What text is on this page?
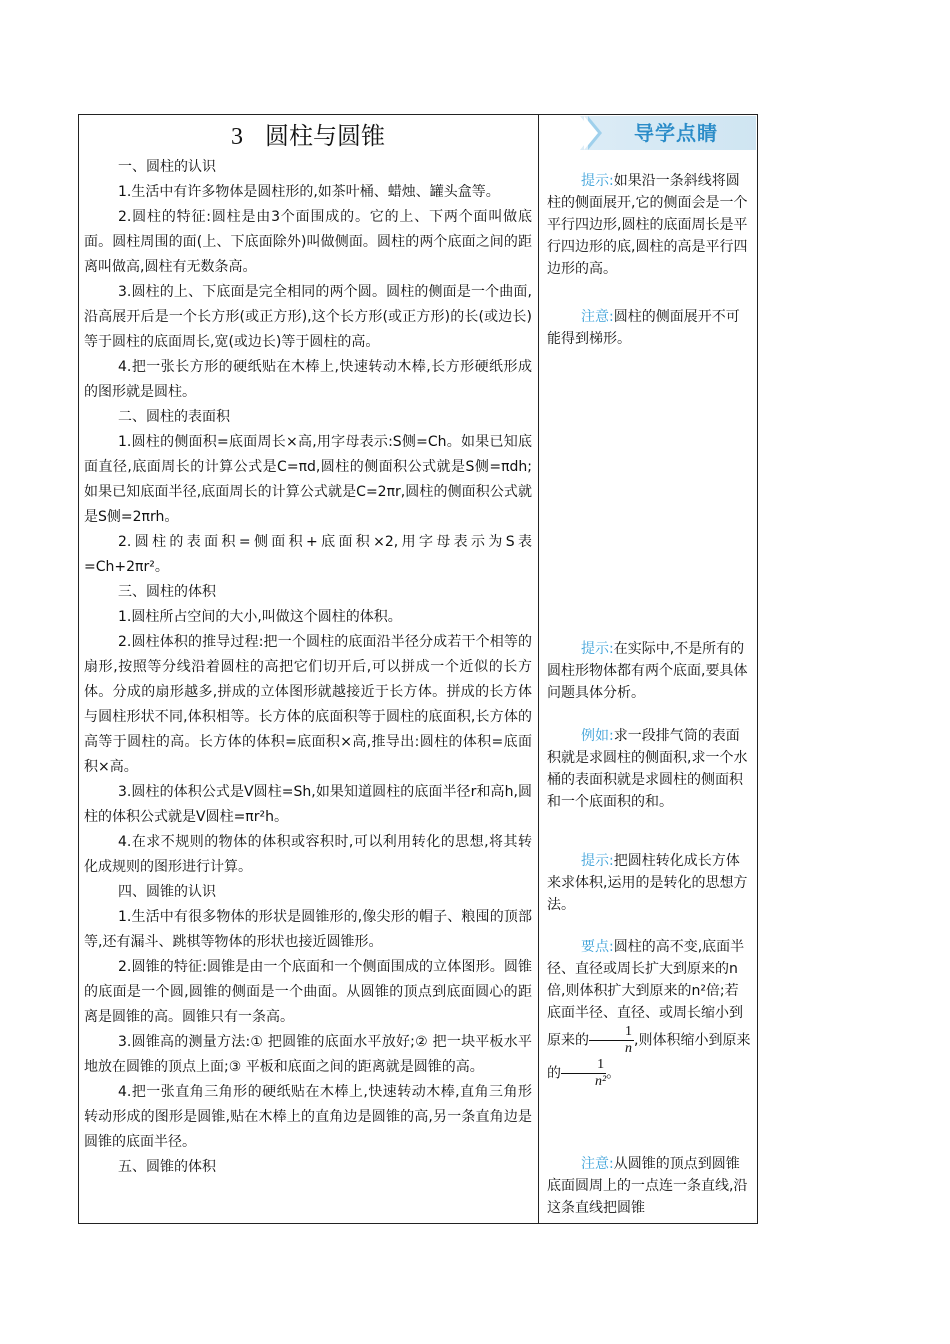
导学点睛
3 圆柱与圆锥

一、圆柱的认识

1.生活中有许多物体是圆柱形的,如茶叶桶、蜡烛、罐头盒等。

2.圆柱的特征:圆柱是由3个面围成的。它的上、下两个面叫做底面。圆柱周围的面(上、下底面除外)叫做侧面。圆柱的两个底面之间的距离叫做高,圆柱有无数条高。

3.圆柱的上、下底面是完全相同的两个圆。圆柱的侧面是一个曲面,沿高展开后是一个长方形(或正方形),这个长方形(或正方形)的长(或边长)等于圆柱的底面周长,宽(或边长)等于圆柱的高。

4.把一张长方形的硬纸贴在木棒上,快速转动木棒,长方形硬纸形成的图形就是圆柱。

二、圆柱的表面积

1.圆柱的侧面积=底面周长×高,用字母表示:S侧=Ch。如果已知底面直径,底面周长的计算公式是C=πd,圆柱的侧面积公式就是S侧=πdh;如果已知底面半径,底面周长的计算公式就是C=2πr,圆柱的侧面积公式就是S侧=2πrh。

2.圆柱的表面积=侧面积+底面积×2,用字母表示为S表=Ch+2πr²。

三、圆柱的体积

1.圆柱所占空间的大小,叫做这个圆柱的体积。

2.圆柱体积的推导过程:把一个圆柱的底面沿半径分成若干个相等的扇形,按照等分线沿着圆柱的高把它们切开后,可以拼成一个近似的长方体。分成的扇形越多,拼成的立体图形就越接近于长方体。拼成的长方体与圆柱形状不同,体积相等。长方体的底面积等于圆柱的底面积,长方体的高等于圆柱的高。长方体的体积=底面积×高,推导出:圆柱的体积=底面积×高。

3.圆柱的体积公式是V圆柱=Sh,如果知道圆柱的底面半径r和高h,圆柱的体积公式就是V圆柱=πr²h。

4.在求不规则的物体的体积或容积时,可以利用转化的思想,将其转化成规则的图形进行计算。

四、圆锥的认识

1.生活中有很多物体的形状是圆锥形的,像尖形的帽子、粮囤的顶部等,还有漏斗、跳棋等物体的形状也接近圆锥形。

2.圆锥的特征:圆锥是由一个底面和一个侧面围成的立体图形。圆锥的底面是一个圆,圆锥的侧面是一个曲面。从圆锥的顶点到底面圆心的距离是圆锥的高。圆锥只有一条高。

3.圆锥高的测量方法:① 把圆锥的底面水平放好;② 把一块平板水平地放在圆锥的顶点上面;③ 平板和底面之间的距离就是圆锥的高。

4.把一张直角三角形的硬纸贴在木棒上,快速转动木棒,直角三角形转动形成的图形是圆锥,贴在木棒上的直角边是圆锥的高,另一条直角边是圆锥的底面半径。

五、圆锥的体积

提示:如果沿一条斜线将圆柱的侧面展开,它的侧面会是一个平行四边形,圆柱的底面周长是平行四边形的底,圆柱的高是平行四边形的高。

注意:圆柱的侧面展开不可能得到梯形。

提示:在实际中,不是所有的圆柱形物体都有两个底面,要具体问题具体分析。

例如:求一段排气筒的表面积就是求圆柱的侧面积,求一个水桶的表面积就是求圆柱的侧面积和一个底面积的和。

提示:把圆柱转化成长方体来求体积,运用的是转化的思想方法。

要点:圆柱的高不变,底面半径、直径或周长扩大到原来的n倍,则体积扩大到原来的n²倍;若底面半径、直径、或周长缩小到原来的 $\frac{1}{n}$ ,则体积缩小到原来的 $\frac{1}{\text{n²}}$ 。

注意:从圆锥的顶点到圆锥底面圆周上的一点连一条直线,沿这条直线把圆锥
